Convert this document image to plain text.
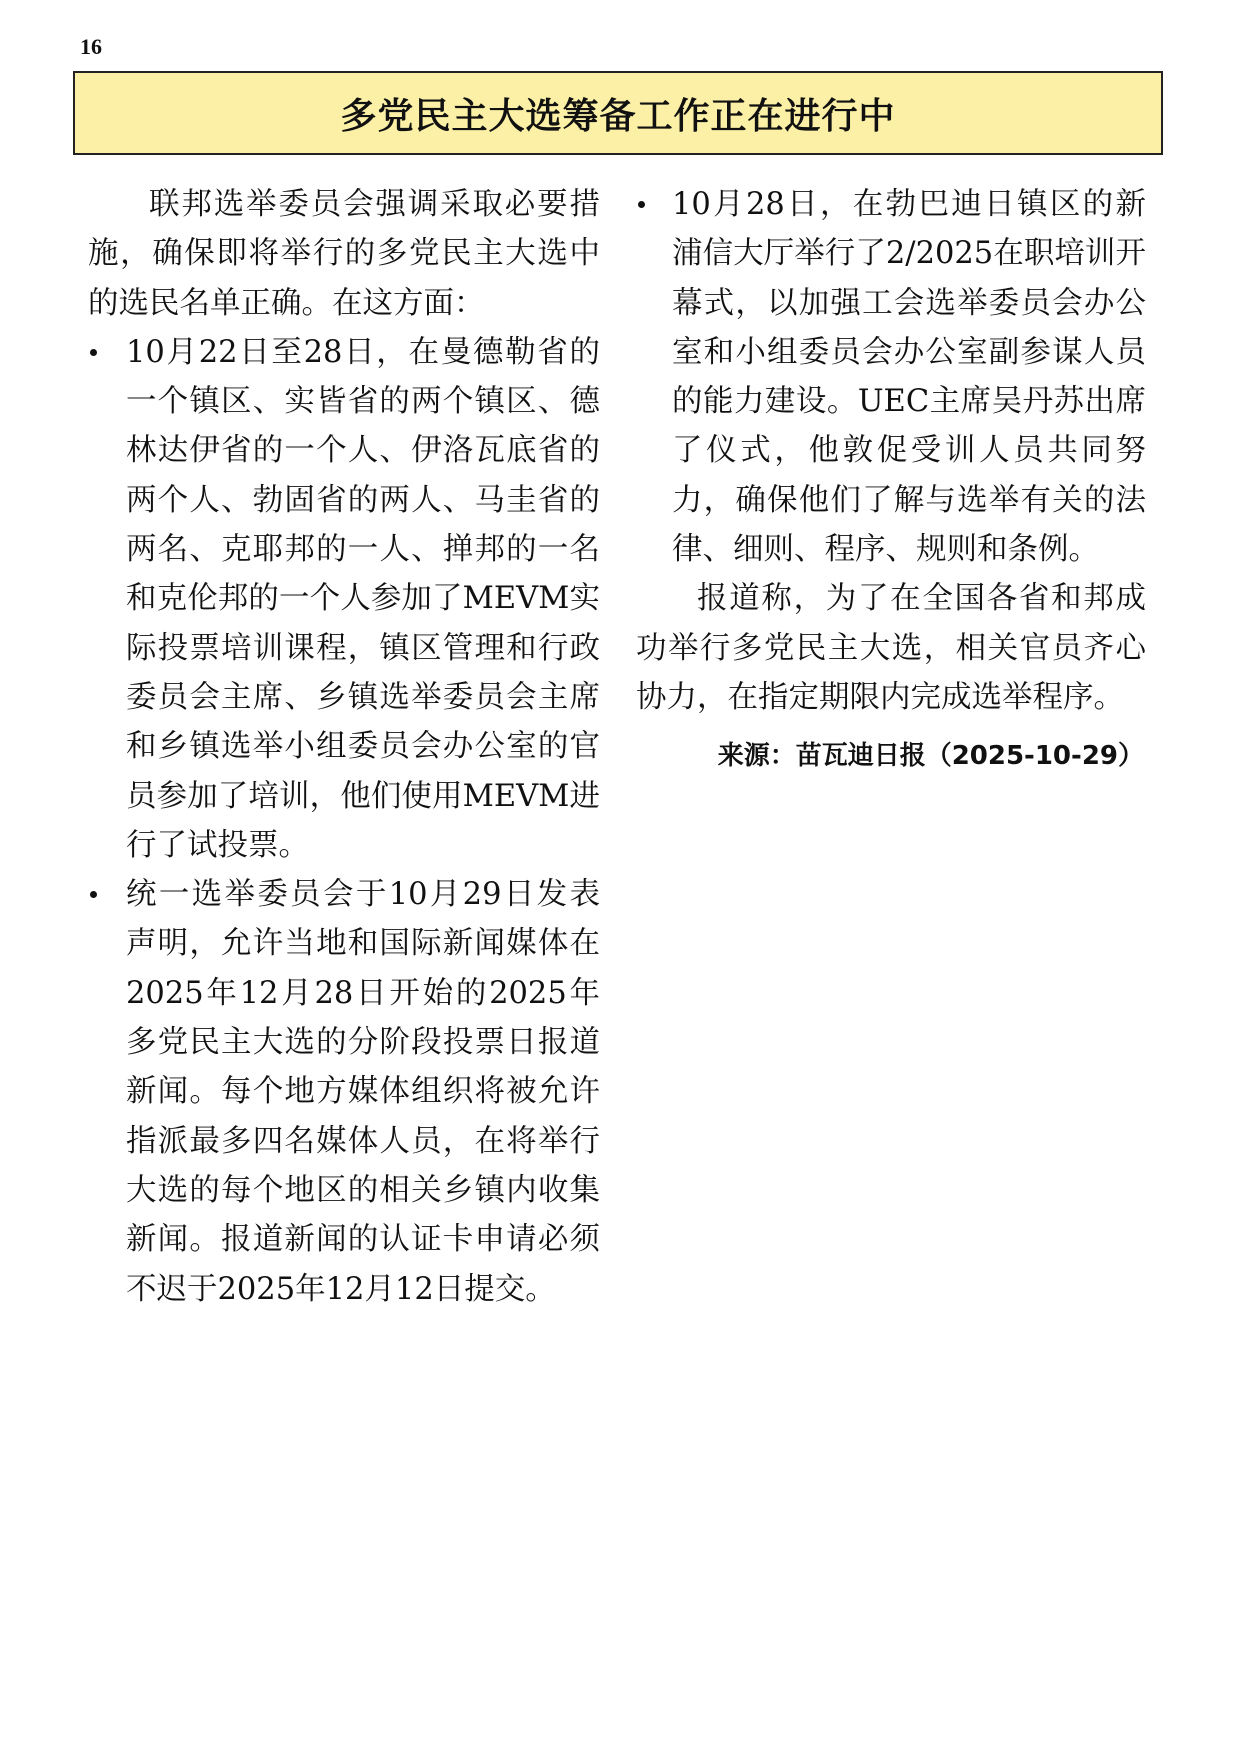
16
多党民主大选筹备工作正在进行中

联邦选举委员会强调采取必要措施，确保即将举行的多党民主大选中的选民名单正确。在这方面：

10月22日至28日，在曼德勒省的一个镇区、实皆省的两个镇区、德林达伊省的一个人、伊洛瓦底省的两个人、勃固省的两人、马圭省的两名、克耶邦的一人、掸邦的一名和克伦邦的一个人参加了MEVM实际投票培训课程，镇区管理和行政委员会主席、乡镇选举委员会主席和乡镇选举小组委员会办公室的官员参加了培训，他们使用MEVM进行了试投票。
统一选举委员会于10月29日发表声明，允许当地和国际新闻媒体在2025年12月28日开始的2025年多党民主大选的分阶段投票日报道新闻。每个地方媒体组织将被允许指派最多四名媒体人员，在将举行大选的每个地区的相关乡镇内收集新闻。报道新闻的认证卡申请必须不迟于2025年12月12日提交。
10月28日，在勃巴迪日镇区的新浦信大厅举行了2/2025在职培训开幕式，以加强工会选举委员会办公室和小组委员会办公室副参谋人员的能力建设。UEC主席吴丹苏出席了仪式，他敦促受训人员共同努力，确保他们了解与选举有关的法律、细则、程序、规则和条例。

报道称，为了在全国各省和邦成功举行多党民主大选，相关官员齐心协力，在指定期限内完成选举程序。

来源：苗瓦迪日报（2025-10-29）
